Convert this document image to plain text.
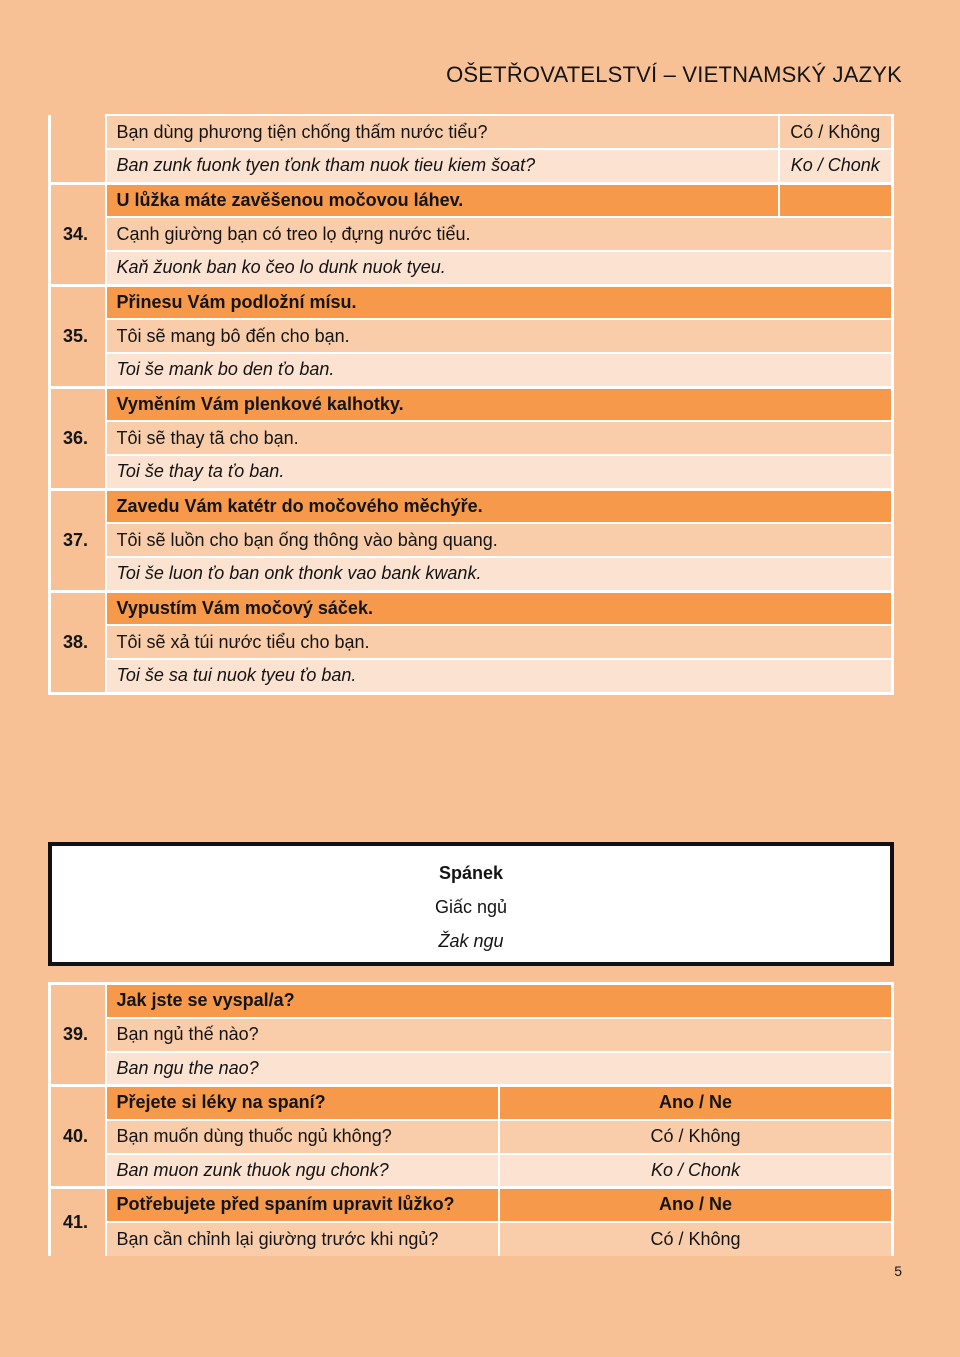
OŠETŘOVATELSTVÍ – VIETNAMSKÝ JAZYK
	Bạn dùng phương tiện chống thấm nước tiểu?	Có / Không
	Ban zunk fuonk tyen ťonk tham nuok tieu kiem šoat?	Ko / Chonk
34.	U lůžka máte zavěšenou močovou láhev.	
	Cạnh giường bạn có treo lọ đựng nước tiểu.	
	Kaň žuonk ban ko čeo lo dunk nuok tyeu.	
35.	Přinesu Vám podložní mísu.	
	Tôi sẽ mang bô đến cho bạn.	
	Toi še mank bo den ťo ban.	
36.	Vyměním Vám plenkové kalhotky.	
	Tôi sẽ thay tã cho bạn.	
	Toi še thay ta ťo ban.	
37.	Zavedu Vám katétr do močového měchýře.	
	Tôi sẽ luồn cho bạn ống thông vào bàng quang.	
	Toi še luon ťo ban onk thonk vao bank kwank.	
38.	Vypustím Vám močový sáček.	
	Tôi sẽ xả túi nước tiểu cho bạn.	
	Toi še sa tui nuok tyeu ťo ban.	
Spánek
Giấc ngủ
Žak ngu
39.	Jak jste se vyspal/a?	
	Bạn ngủ thế nào?	
	Ban ngu the nao?	
40.	Přejete si léky na spaní?	Ano / Ne
	Bạn muốn dùng thuốc ngủ không?	Có / Không
	Ban muon zunk thuok ngu chonk?	Ko / Chonk
41.	Potřebujete před spaním upravit lůžko?	Ano / Ne
	Bạn cần chỉnh lại giường trước khi ngủ?	Có / Không
5
